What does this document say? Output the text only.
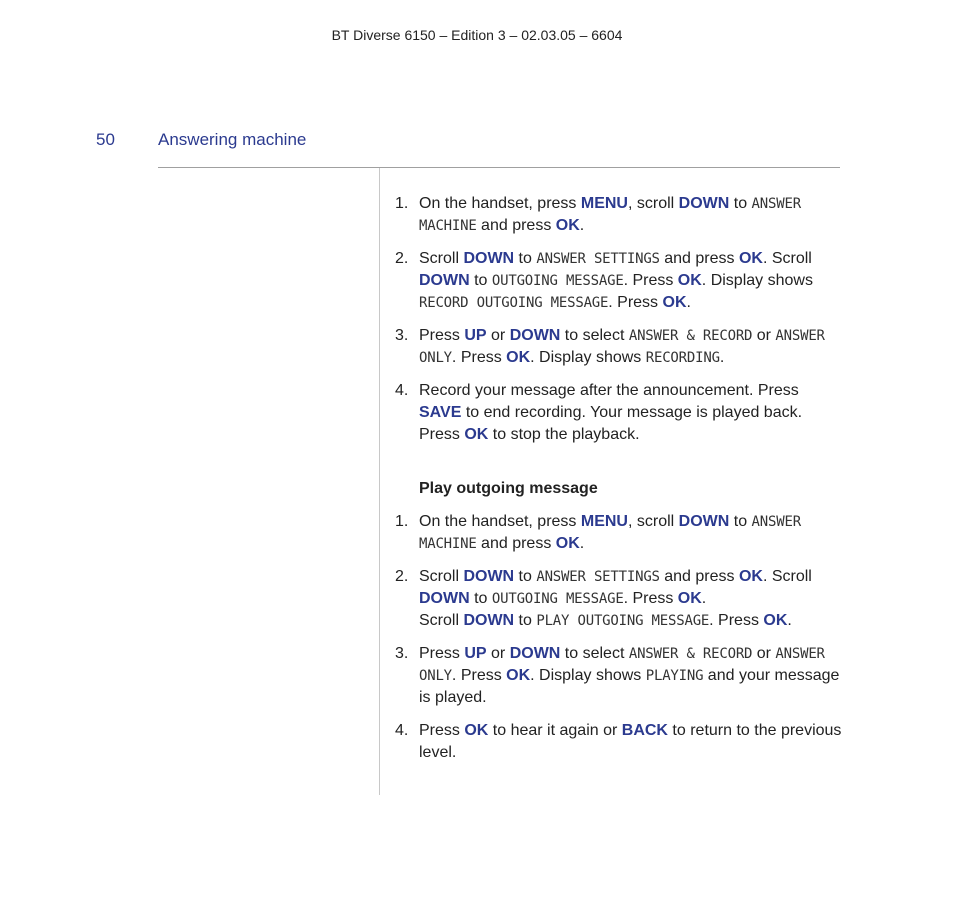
BT Diverse 6150 – Edition 3 – 02.03.05 – 6604
50	Answering machine
1. On the handset, press MENU, scroll DOWN to ANSWER MACHINE and press OK.
2. Scroll DOWN to ANSWER SETTINGS and press OK. Scroll DOWN to OUTGOING MESSAGE. Press OK. Display shows RECORD OUTGOING MESSAGE. Press OK.
3. Press UP or DOWN to select ANSWER & RECORD or ANSWER ONLY. Press OK. Display shows RECORDING.
4. Record your message after the announcement. Press SAVE to end recording. Your message is played back. Press OK to stop the playback.
Play outgoing message
1. On the handset, press MENU, scroll DOWN to ANSWER MACHINE and press OK.
2. Scroll DOWN to ANSWER SETTINGS and press OK. Scroll DOWN to OUTGOING MESSAGE. Press OK.
Scroll DOWN to PLAY OUTGOING MESSAGE. Press OK.
3. Press UP or DOWN to select ANSWER & RECORD or ANSWER ONLY. Press OK. Display shows PLAYING and your message is played.
4. Press OK to hear it again or BACK to return to the previous level.
